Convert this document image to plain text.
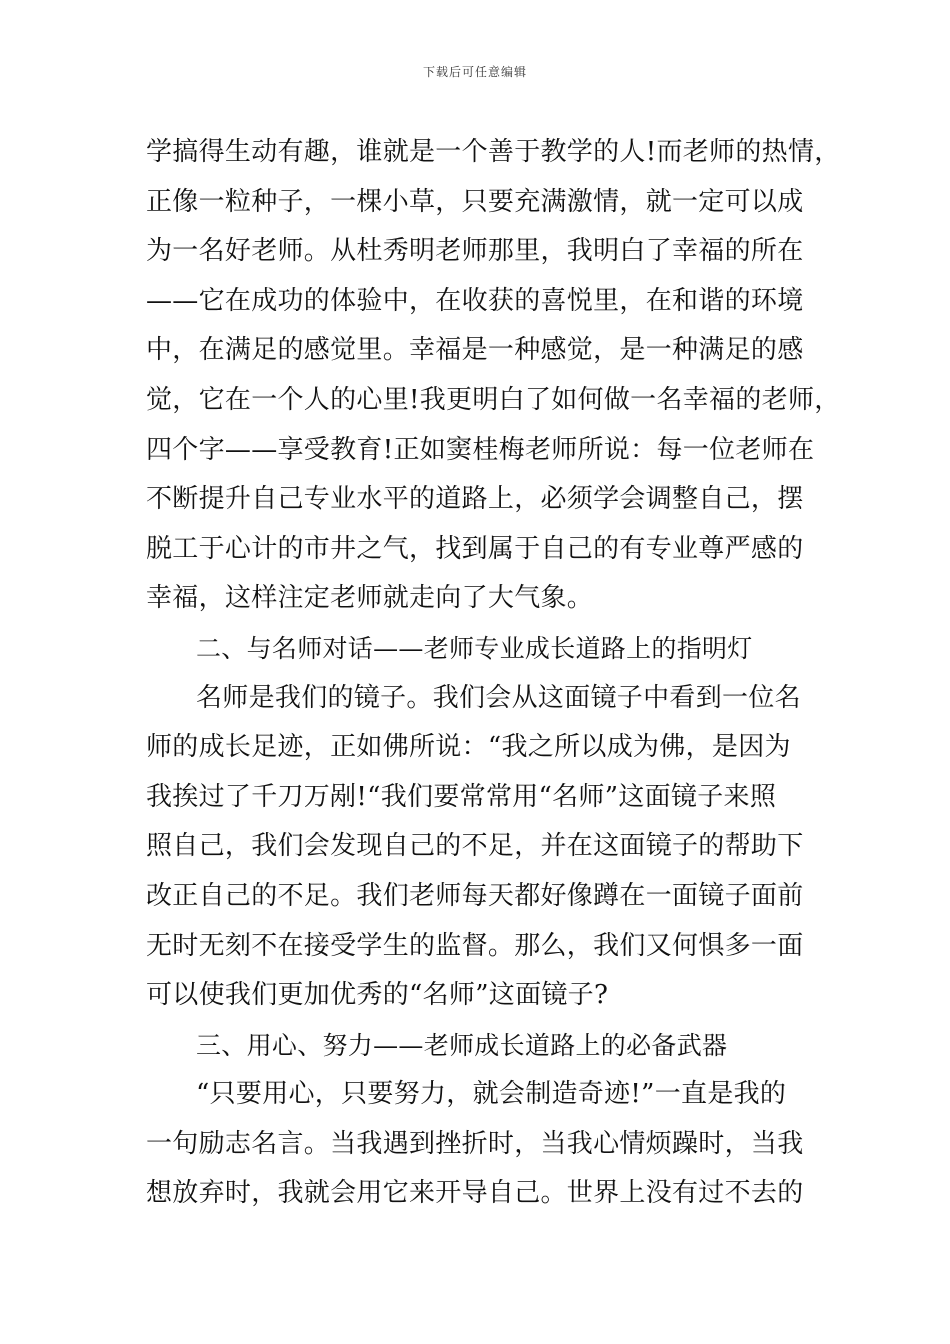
下载后可任意编辑

学搞得生动有趣，谁就是一个善于教学的人!而老师的热情，

正像一粒种子，一棵小草，只要充满激情，就一定可以成

为一名好老师。从杜秀明老师那里，我明白了幸福的所在

——它在成功的体验中，在收获的喜悦里，在和谐的环境

中，在满足的感觉里。幸福是一种感觉，是一种满足的感

觉，它在一个人的心里!我更明白了如何做一名幸福的老师，

四个字——享受教育!正如窦桂梅老师所说：每一位老师在

不断提升自己专业水平的道路上，必须学会调整自己，摆

脱工于心计的市井之气，找到属于自己的有专业尊严感的

幸福，这样注定老师就走向了大气象。

二、与名师对话——老师专业成长道路上的指明灯

名师是我们的镜子。我们会从这面镜子中看到一位名

师的成长足迹，正如佛所说：“我之所以成为佛，是因为

我挨过了千刀万剐!“我们要常常用“名师”这面镜子来照

照自己，我们会发现自己的不足，并在这面镜子的帮助下

改正自己的不足。我们老师每天都好像蹲在一面镜子面前

无时无刻不在接受学生的监督。那么，我们又何惧多一面

可以使我们更加优秀的“名师”这面镜子?

三、用心、努力——老师成长道路上的必备武器

“只要用心，只要努力，就会制造奇迹!”一直是我的

一句励志名言。当我遇到挫折时，当我心情烦躁时，当我

想放弃时，我就会用它来开导自己。世界上没有过不去的
